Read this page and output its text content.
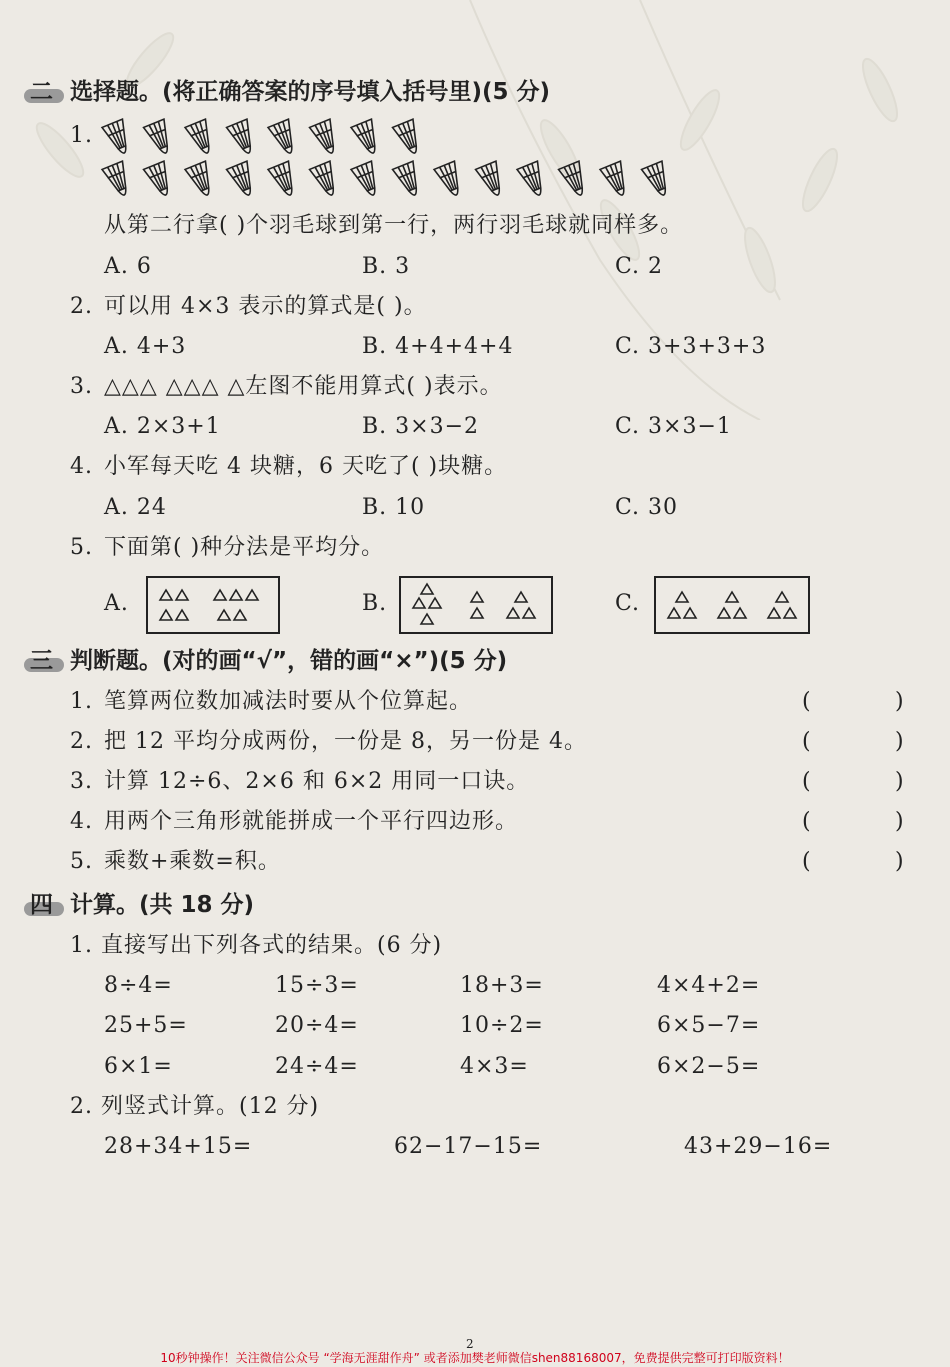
二 选择题。(将正确答案的序号填入括号里)(5 分)
1.
从第二行拿( )个羽毛球到第一行，两行羽毛球就同样多。
A. 6	B. 3	C. 2
2. 可以用 4×3 表示的算式是( )。
A. 4+3	B. 4+4+4+4	C. 3+3+3+3
3. △△△ △△△ △左图不能用算式( )表示。
A. 2×3+1	B. 3×3−2	C. 3×3−1
4. 小军每天吃 4 块糖，6 天吃了( )块糖。
A. 24	B. 10	C. 30
5. 下面第( )种分法是平均分。
A.	B.	C.
三 判断题。(对的画“√”，错的画“×”)(5 分)
1. 笔算两位数加减法时要从个位算起。	(	)
2. 把 12 平均分成两份，一份是 8，另一份是 4。	(	)
3. 计算 12÷6、2×6 和 6×2 用同一口诀。	(	)
4. 用两个三角形就能拼成一个平行四边形。	(	)
5. 乘数+乘数=积。	(	)
四 计算。(共 18 分)
1. 直接写出下列各式的结果。(6 分)
8÷4=	15÷3=	18+3=	4×4+2=
25+5=	20÷4=	10÷2=	6×5−7=
6×1=	24÷4=	4×3=	6×2−5=
2. 列竖式计算。(12 分)
28+34+15=	62−17−15=	43+29−16=
2
10秒钟操作！关注微信公众号 “学海无涯甜作舟” 或者添加樊老师微信shen88168007，免费提供完整可打印版资料！
